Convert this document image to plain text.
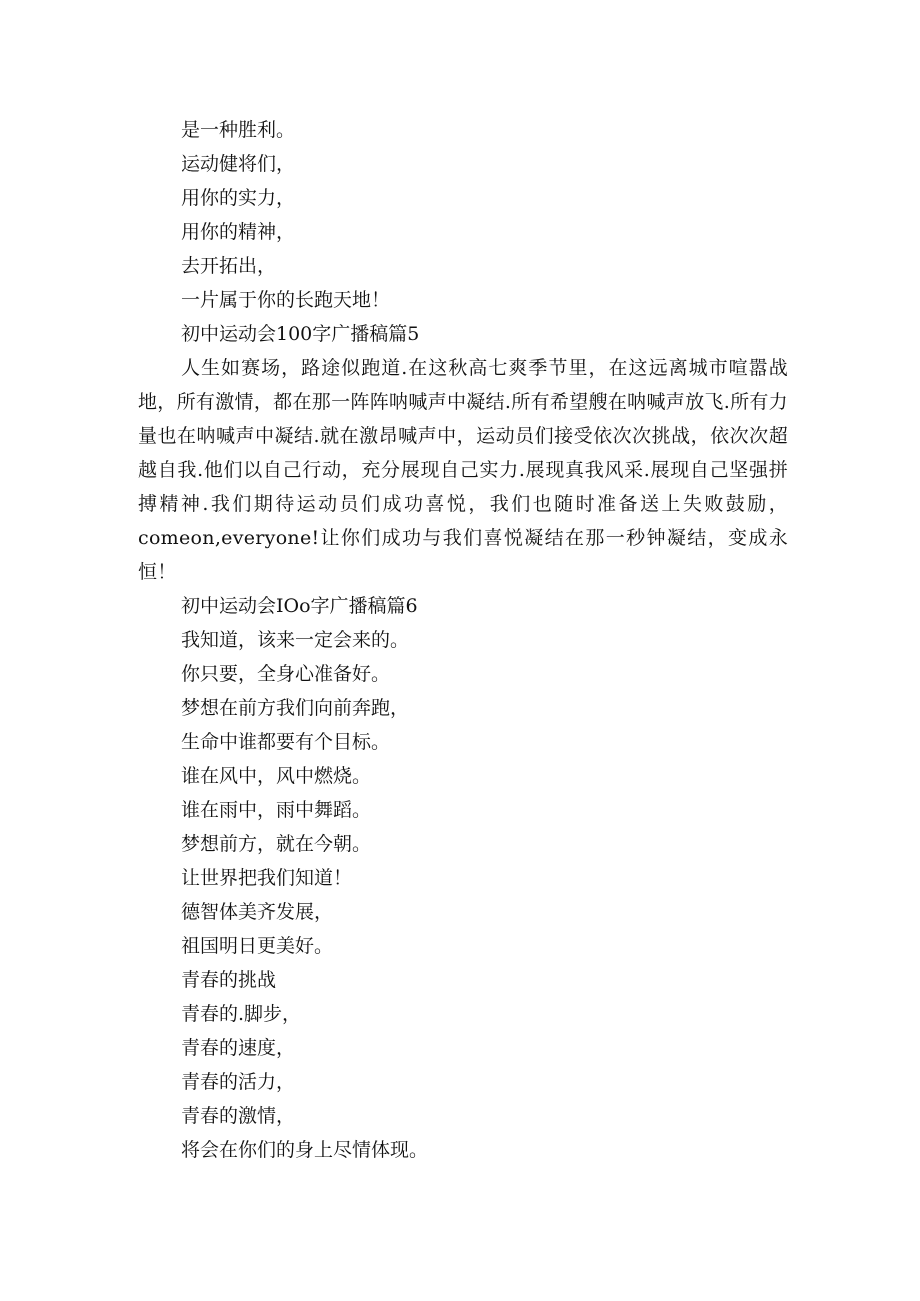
是一种胜利。
运动健将们，
用你的实力，
用你的精神，
去开拓出，
一片属于你的长跑天地！
初中运动会100字广播稿篇5

人生如赛场，路途似跑道.在这秋高七爽季节里，在这远离城市喧嚣战地，所有激情，都在那一阵阵呐喊声中凝结.所有希望艘在呐喊声放飞.所有力量也在呐喊声中凝结.就在激昂喊声中，运动员们接受依次次挑战，依次次超越自我.他们以自己行动，充分展现自己实力.展现真我风采.展现自己坚强拼搏精神.我们期待运动员们成功喜悦，我们也随时准备送上失败鼓励，comeon,everyone!让你们成功与我们喜悦凝结在那一秒钟凝结，变成永恒！

初中运动会IOo字广播稿篇6
我知道，该来一定会来的。
你只要，全身心准备好。
梦想在前方我们向前奔跑，
生命中谁都要有个目标。
谁在风中，风中燃烧。
谁在雨中，雨中舞蹈。
梦想前方，就在今朝。
让世界把我们知道！
德智体美齐发展，
祖国明日更美好。
青春的挑战
青春的.脚步，
青春的速度，
青春的活力，
青春的激情，
将会在你们的身上尽情体现。
